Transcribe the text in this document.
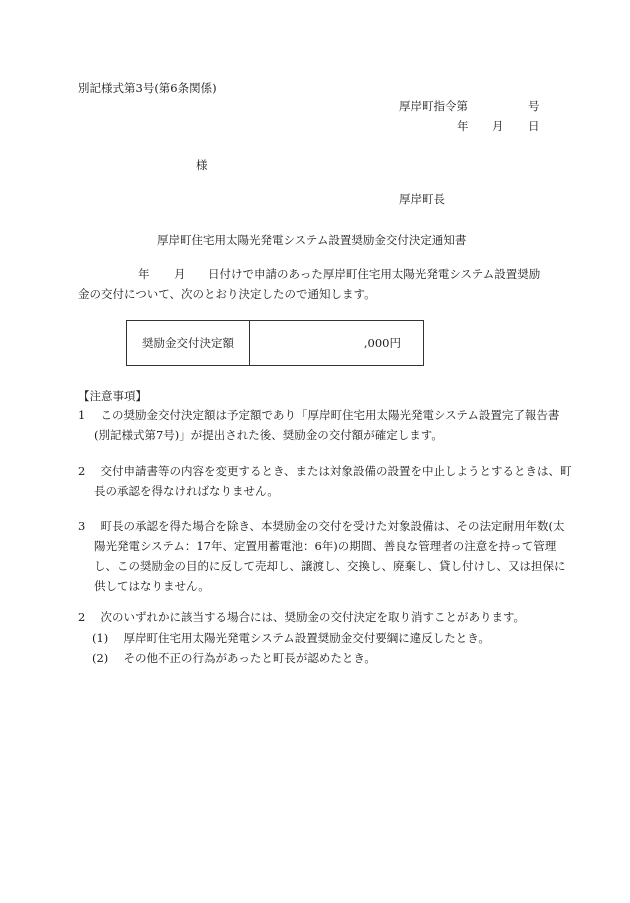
別記様式第3号(第6条関係)
厚岸町指令第	号
年 月 日
様
厚岸町長
厚岸町住宅用太陽光発電システム設置奨励金交付決定通知書
年 月 日付けで申請のあった厚岸町住宅用太陽光発電システム設置奨励
金の交付について、次のとおり決定したので通知します。
奨励金交付決定額	,000円
【注意事項】
1　 この奨励金交付決定額は予定額であり「厚岸町住宅用太陽光発電システム設置完了報告書(別記様式第7号)」が提出された後、奨励金の交付額が確定します。
2　 交付申請書等の内容を変更するとき、または対象設備の設置を中止しようとするときは、町長の承認を得なければなりません。
3　 町長の承認を得た場合を除き、本奨励金の交付を受けた対象設備は、その法定耐用年数(太陽光発電システム：17年、定置用蓄電池：6年)の期間、善良な管理者の注意を持って管理し、この奨励金の目的に反して売却し、譲渡し、交換し、廃棄し、貸し付けし、又は担保に供してはなりません。
2　 次のいずれかに該当する場合には、奨励金の交付決定を取り消すことがあります。
(1)　 厚岸町住宅用太陽光発電システム設置奨励金交付要綱に違反したとき。
(2)　 その他不正の行為があったと町長が認めたとき。
